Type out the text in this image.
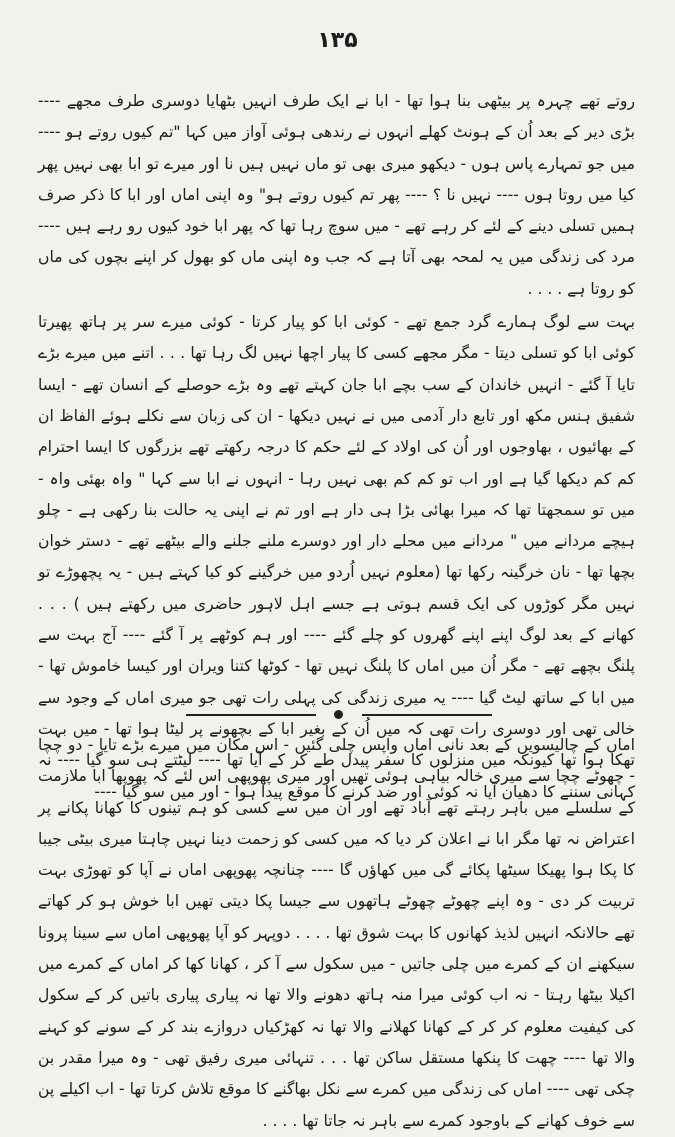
۱۳۵

روتے تھے چہرہ پر بیٹھی بنا ہوا تھا - ابا نے ایک طرف انہیں بٹھایا دوسری طرف مجھے ---- بڑی دیر کے بعد اُن کے ہونٹ کھلے انہوں نے رندھی ہوئی آواز میں کہا "تم کیوں روتے ہو ---- میں جو تمہارے پاس ہوں - دیکھو میری بھی تو ماں نہیں ہیں نا اور میرے تو ابا بھی نہیں پھر کیا میں روتا ہوں ---- نہیں نا ؟ ---- پھر تم کیوں روتے ہو" وہ اپنی اماں اور ابا کا ذکر صرف ہمیں تسلی دینے کے لئے کر رہے تھے - میں سوچ رہا تھا کہ پھر ابا خود کیوں رو رہے ہیں ---- مرد کی زندگی میں یہ لمحہ بھی آتا ہے کہ جب وہ اپنی ماں کو بھول کر اپنے بچوں کی ماں کو روتا ہے . . . .

بہت سے لوگ ہمارے گرد جمع تھے - کوئی ابا کو پیار کرتا - کوئی میرے سر پر ہاتھ پھیرتا کوئی ابا کو تسلی دیتا - مگر مجھے کسی کا پیار اچھا نہیں لگ رہا تھا . . . اتنے میں میرے بڑے تایا آ گئے - انہیں خاندان کے سب بچے ابا جان کہتے تھے وہ بڑے حوصلے کے انسان تھے - ایسا شفیق ہنس مکھ اور تابع دار آدمی میں نے نہیں دیکھا - ان کی زبان سے نکلے ہوئے الفاظ ان کے بھائیوں ، بھاوجوں اور اُن کی اولاد کے لئے حکم کا درجہ رکھتے تھے بزرگوں کا ایسا احترام کم کم دیکھا گیا ہے اور اب تو کم کم بھی نہیں رہا - انہوں نے ابا سے کہا " واہ بھئی واہ - میں تو سمجھتا تھا کہ میرا بھائی بڑا ہی دار ہے اور تم نے اپنی یہ حالت بنا رکھی ہے - چلو ہیچے مردانے میں " مردانے میں محلے دار اور دوسرے ملنے جلنے والے بیٹھے تھے - دستر خوان بچھا تھا - نان خرگینہ رکھا تھا (معلوم نہیں اُردو میں خرگینے کو کیا کہتے ہیں - یہ پچھوڑے تو نہیں مگر کوڑوں کی ایک قسم ہوتی ہے جسے اہل لاہور حاضری میں رکھتے ہیں ) . . . کھانے کے بعد لوگ اپنے اپنے گھروں کو چلے گئے ---- اور ہم کوٹھے پر آ گئے ---- آج بہت سے پلنگ بچھے تھے - مگر اُن میں اماں کا پلنگ نہیں تھا - کوٹھا کتنا ویران اور کیسا خاموش تھا - میں ابا کے ساتھ لیٹ گیا ---- یہ میری زندگی کی پہلی رات تھی جو میری اماں کے وجود سے خالی تھی اور دوسری رات تھی کہ میں اُن کے بغیر ابا کے بچھونے پر لیٹا ہوا تھا - میں بہت تھکا ہوا تھا کیونکہ میں منزلوں کا سفر پیدل طے کر کے آیا تھا ---- لیٹتے ہی سو گیا ---- نہ کہانی سننے کا دھیان آیا نہ کوئی اور ضد کرنے کا موقع پیدا ہوا - اور میں سو گیا ----

اماں کے چالیسویں کے بعد نانی اماں واپس چلی گئیں - اس مکان میں میرے بڑے تایا - دو چچا - چھوٹے چچا سے میری خالہ بیاہی ہوئی تھیں اور میری پھوپھی اس لئے کہ پھوپھا ابا ملازمت کے سلسلے میں باہر رہتے تھے آباد تھے اور ان میں سے کسی کو ہم تینوں کا کھانا پکانے پر اعتراض نہ تھا مگر ابا نے اعلان کر دیا کہ میں کسی کو زحمت دینا نہیں چاہتا میری بیٹی جیبا کا پکا ہوا پھیکا سیٹھا پکائے گی میں کھاؤں گا ---- چنانچہ پھوپھی اماں نے آپا کو تھوڑی بہت تربیت کر دی - وہ اپنے چھوٹے چھوٹے ہاتھوں سے جیسا پکا دیتی تھیں ابا خوش ہو کر کھاتے تھے حالانکہ انہیں لذیذ کھانوں کا بہت شوق تھا . . . . دوپہر کو آپا پھوپھی اماں سے سینا پرونا سیکھنے ان کے کمرے میں چلی جاتیں - میں سکول سے آ کر ، کھانا کھا کر اماں کے کمرے میں اکیلا بیٹھا رہتا - نہ اب کوئی میرا منہ ہاتھ دھونے والا تھا نہ پیاری پیاری باتیں کر کے سکول کی کیفیت معلوم کر کر کے کھانا کھلانے والا تھا نہ کھڑکیاں دروازے بند کر کے سونے کو کہنے والا تھا ---- چھت کا پنکھا مستقل ساکن تھا . . . تنہائی میری رفیق تھی - وہ میرا مقدر بن چکی تھی ---- اماں کی زندگی میں کمرے سے نکل بھاگنے کا موقع تلاش کرتا تھا - اب اکیلے پن سے خوف کھانے کے باوجود کمرے سے باہر نہ جاتا تھا . . . .
